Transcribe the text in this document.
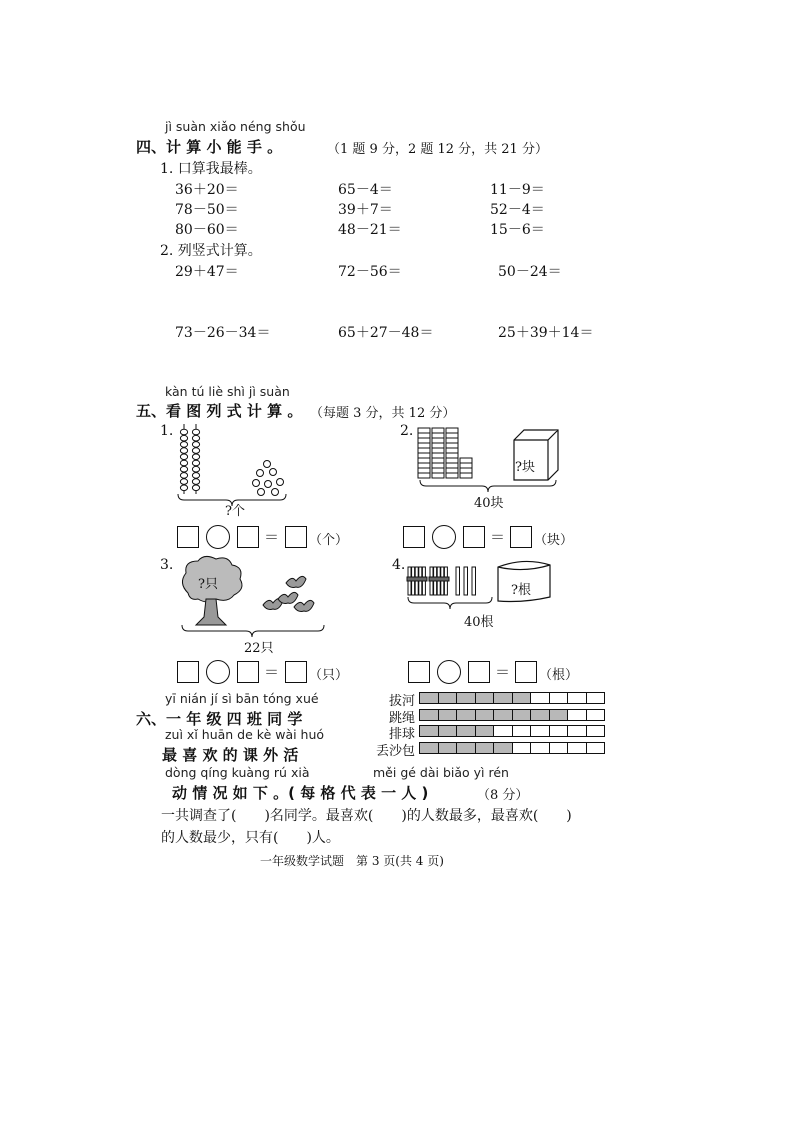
jì suàn xiǎo néng shǒu
四、计 算 小 能 手 。	（1 题 9 分，2 题 12 分，共 21 分）
1. 口算我最棒。
36＋20＝	65－4＝	11－9＝
78－50＝	39＋7＝	52－4＝
80－60＝	48－21＝	15－6＝
2. 列竖式计算。
29＋47＝	72－56＝	50－24＝
73－26－34＝	65＋27－48＝	25＋39＋14＝
kàn tú liè shì jì suàn
五、看 图 列 式 计 算 。 （每题 3 分，共 12 分）
1.
?个
2.
?块
40块
＝ （个）	＝ （块）
3.
?只
22只
4.
?根
40根
＝ （只）	＝ （根）
yī nián jí sì bān tóng xué
六、一 年 级 四 班 同 学
zuì xǐ huān de kè wài huó
最 喜 欢 的 课 外 活
dòng qíng kuàng rú xià	měi gé dài biǎo yì rén
动 情 况 如 下 。( 每 格 代 表 一 人 )	（8 分）
一共调查了(　　)名同学。最喜欢(　　)的人数最多，最喜欢(　　)
的人数最少，只有(　　)人。
拔河
跳绳
排球
丢沙包
一年级数学试题　第 3 页(共 4 页)
